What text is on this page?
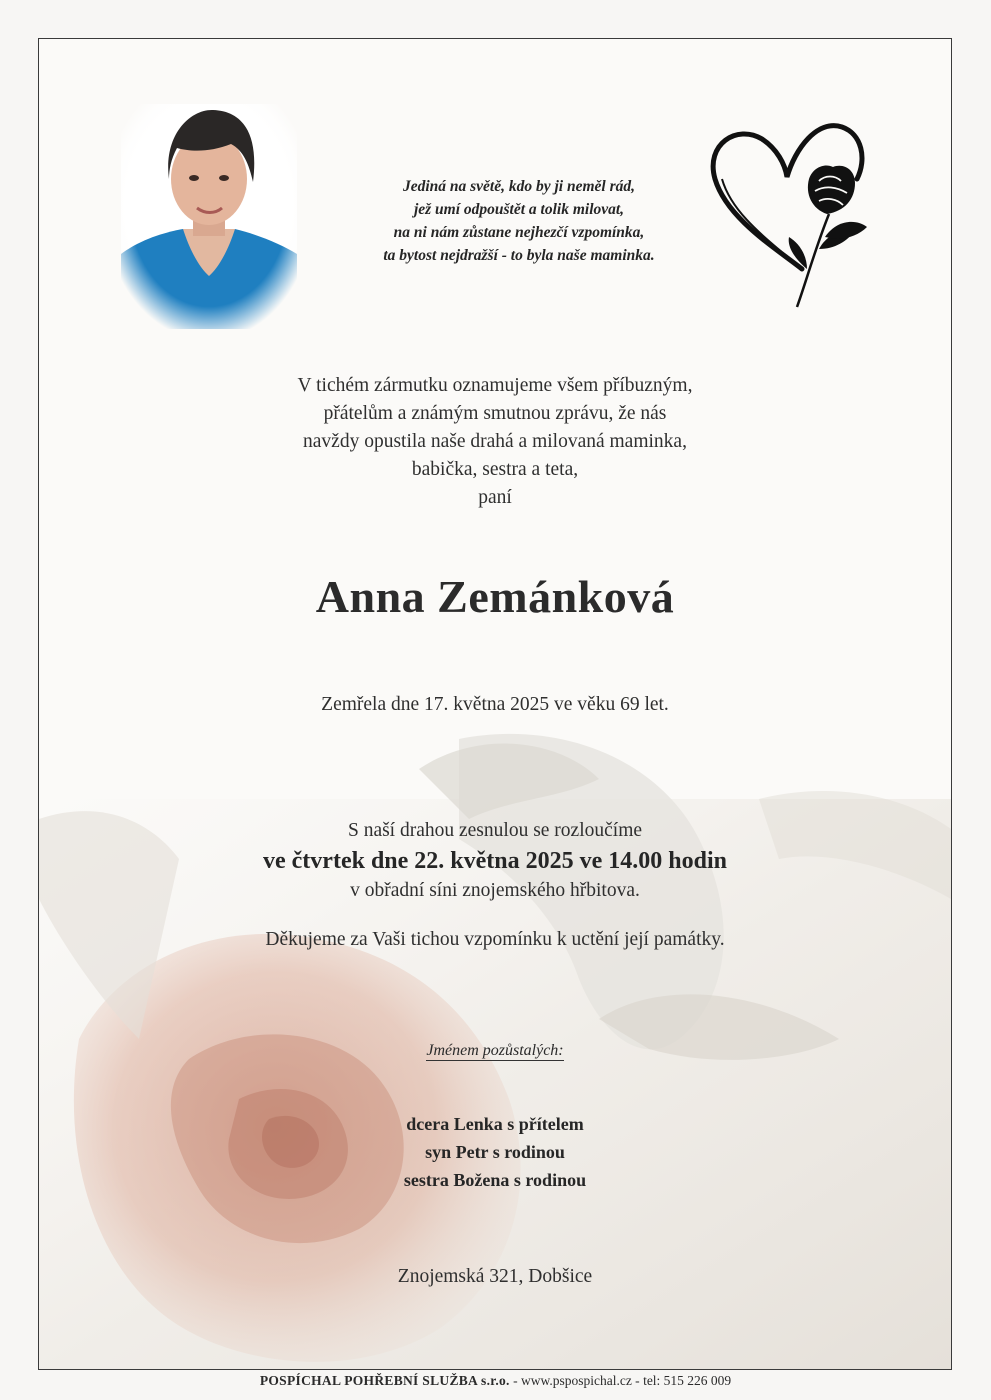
Jediná na světě, kdo by ji neměl rád,
jež umí odpouštět a tolik milovat,
na ni nám zůstane nejhezčí vzpomínka,
ta bytost nejdražší - to byla naše maminka.
V tichém zármutku oznamujeme všem příbuzným,
přátelům a známým smutnou zprávu, že nás
navždy opustila naše drahá a milovaná maminka,
babička, sestra a teta,
paní
Anna Zemánková
Zemřela dne 17. května 2025 ve věku 69 let.
S naší drahou zesnulou se rozloučíme
ve čtvrtek dne 22. května 2025 ve 14.00 hodin
v obřadní síni znojemského hřbitova.
Děkujeme za Vaši tichou vzpomínku k uctění její památky.
Jménem pozůstalých:
dcera Lenka s přítelem
syn Petr s rodinou
sestra Božena s rodinou
Znojemská 321, Dobšice
POSPÍCHAL POHŘEBNÍ SLUŽBA s.r.o. - www.pspospichal.cz - tel: 515 226 009
